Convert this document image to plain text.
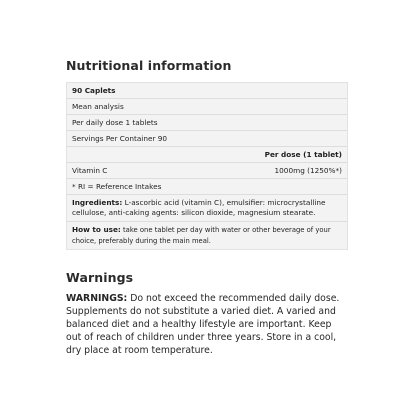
Nutritional information
90 Caplets
Mean analysis
Per daily dose 1 tablets
Servings Per Container 90
Per dose (1 tablet)
Vitamin C	1000mg (1250%*)
* RI = Reference Intakes
Ingredients: L-ascorbic acid (vitamin C), emulsifier: microcrystalline cellulose, anti-caking agents: silicon dioxide, magnesium stearate.
How to use: take one tablet per day with water or other beverage of your choice, preferably during the main meal.
Warnings
WARNINGS: Do not exceed the recommended daily dose. Supplements do not substitute a varied diet. A varied and balanced diet and a healthy lifestyle are important. Keep out of reach of children under three years. Store in a cool, dry place at room temperature.
